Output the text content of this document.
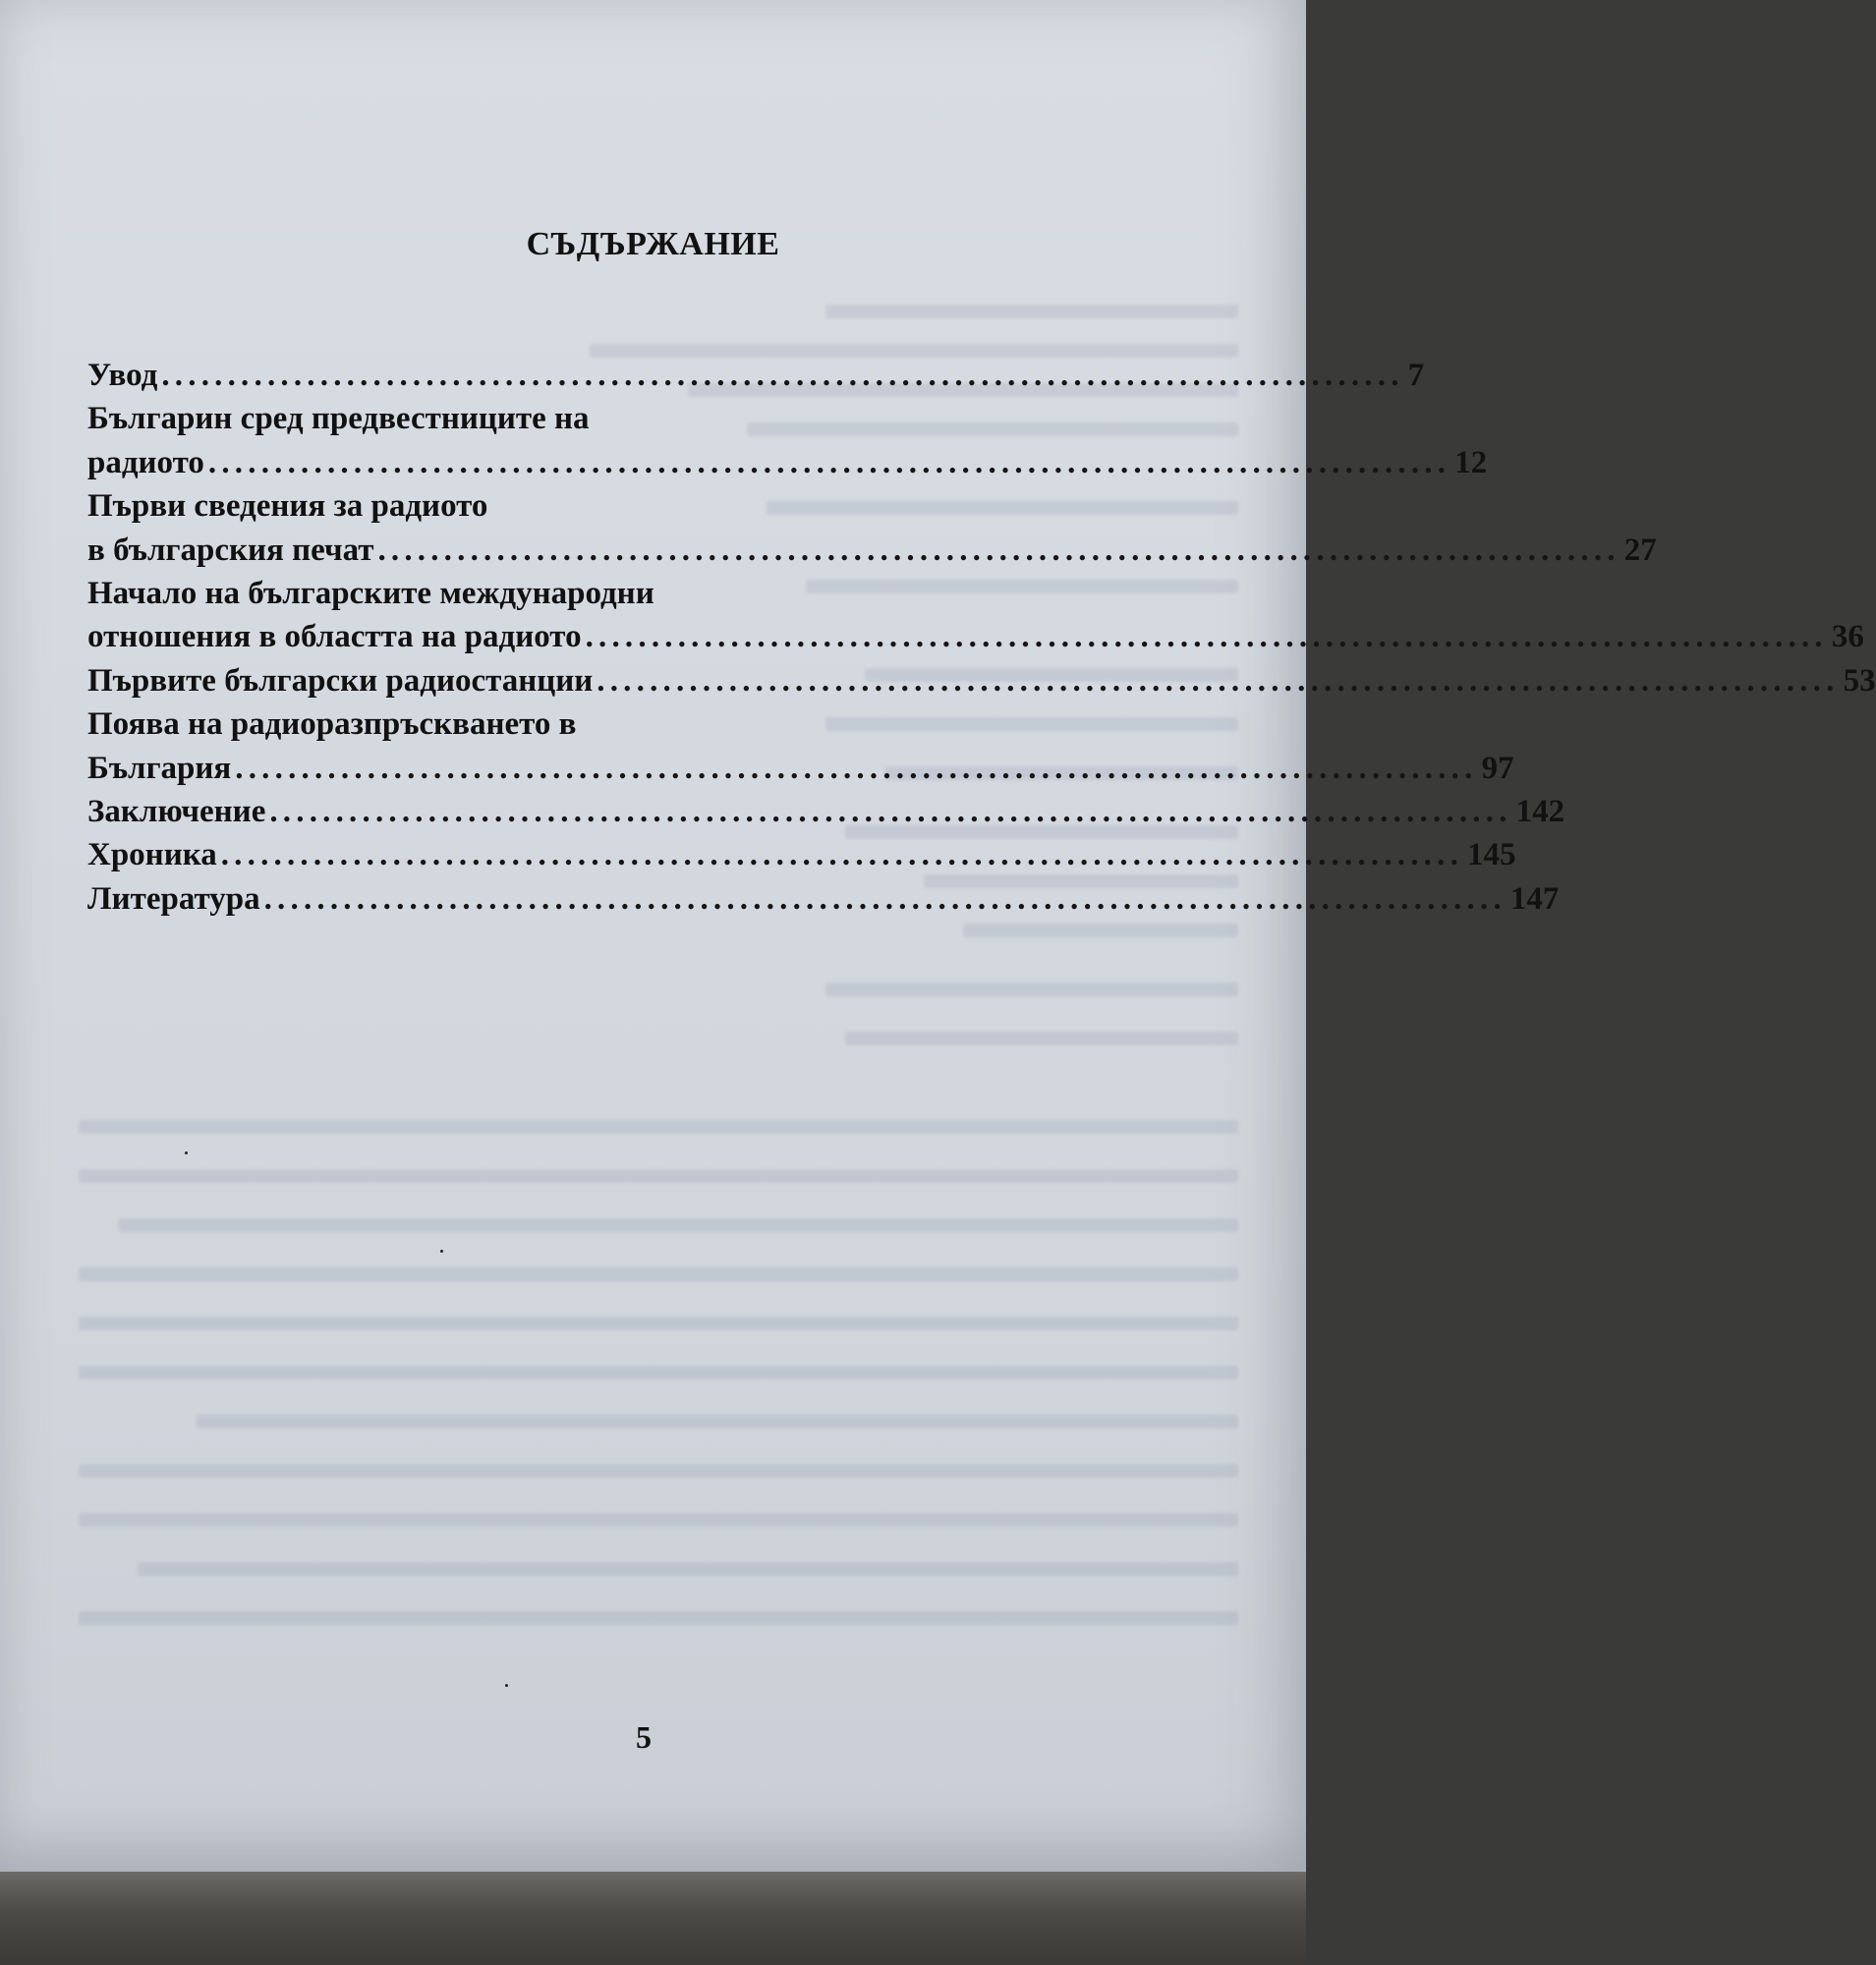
СЪДЪРЖАНИЕ
Увод .............................................................................................. 7
Българин сред предвестниците на
радиото .............................................................................................. 12
Първи сведения за радиото
в българския печат .............................................................................................. 27
Начало на българските международни
отношения в областта на радиото .............................................................................................. 36
Първите български радиостанции .............................................................................................. 53
Поява на радиоразпръскването в
България .............................................................................................. 97
Заключение .............................................................................................. 142
Хроника .............................................................................................. 145
Литература .............................................................................................. 147
5
